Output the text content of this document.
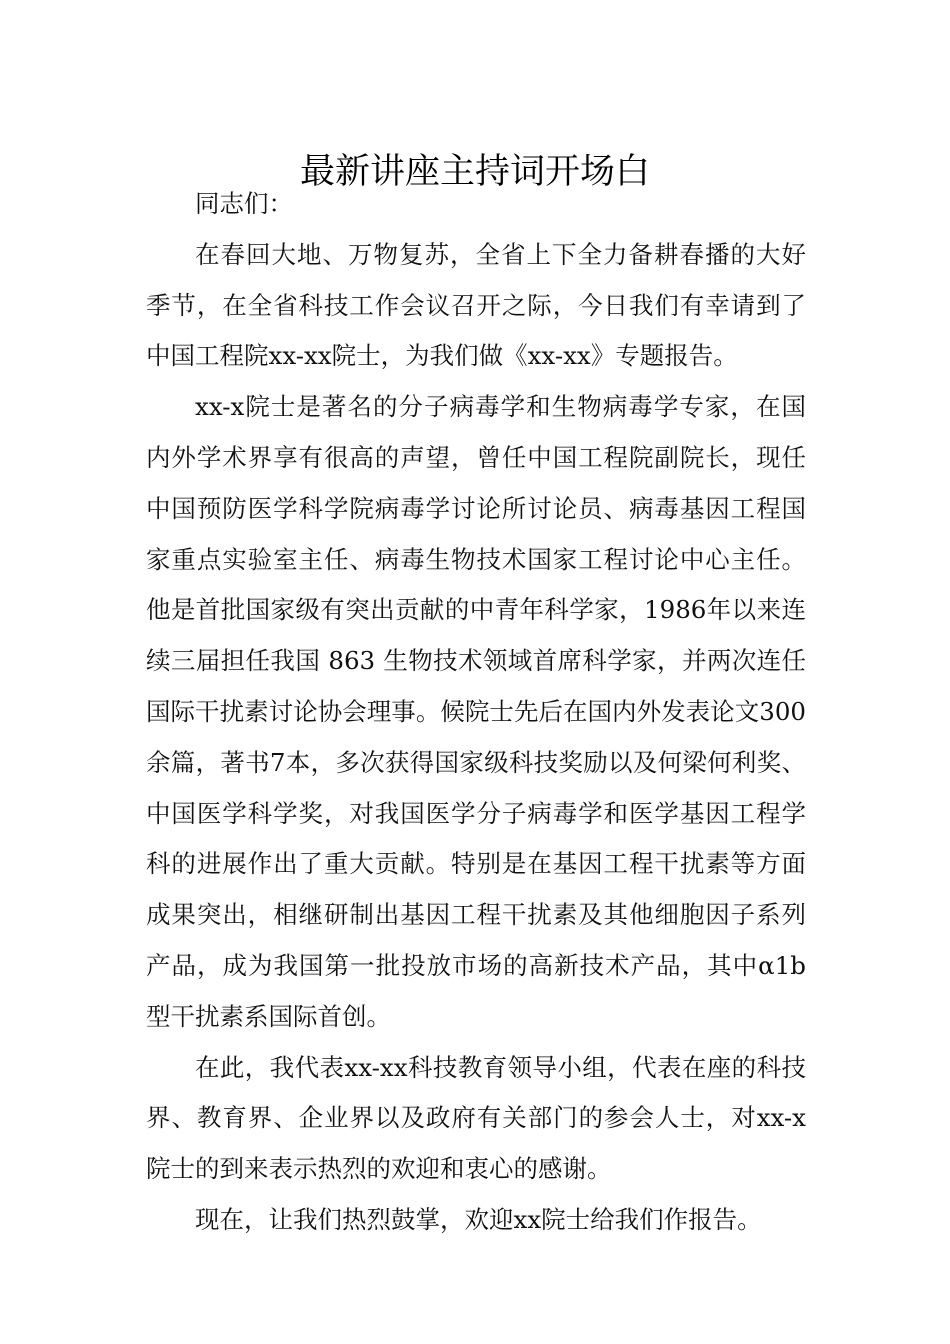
最新讲座主持词开场白

同志们：

在春回大地、万物复苏，全省上下全力备耕春播的大好季节，在全省科技工作会议召开之际，今日我们有幸请到了中国工程院xx-xx院士，为我们做《xx-xx》专题报告。

xx-x院士是著名的分子病毒学和生物病毒学专家，在国内外学术界享有很高的声望，曾任中国工程院副院长，现任中国预防医学科学院病毒学讨论所讨论员、病毒基因工程国家重点实验室主任、病毒生物技术国家工程讨论中心主任。他是首批国家级有突出贡献的中青年科学家，1986年以来连续三届担任我国 863 生物技术领域首席科学家，并两次连任国际干扰素讨论协会理事。候院士先后在国内外发表论文300余篇，著书7本，多次获得国家级科技奖励以及何梁何利奖、中国医学科学奖，对我国医学分子病毒学和医学基因工程学科的进展作出了重大贡献。特别是在基因工程干扰素等方面成果突出，相继研制出基因工程干扰素及其他细胞因子系列产品，成为我国第一批投放市场的高新技术产品，其中α1b型干扰素系国际首创。

在此，我代表xx-xx科技教育领导小组，代表在座的科技界、教育界、企业界以及政府有关部门的参会人士，对xx-x院士的到来表示热烈的欢迎和衷心的感谢。

现在，让我们热烈鼓掌，欢迎xx院士给我们作报告。
